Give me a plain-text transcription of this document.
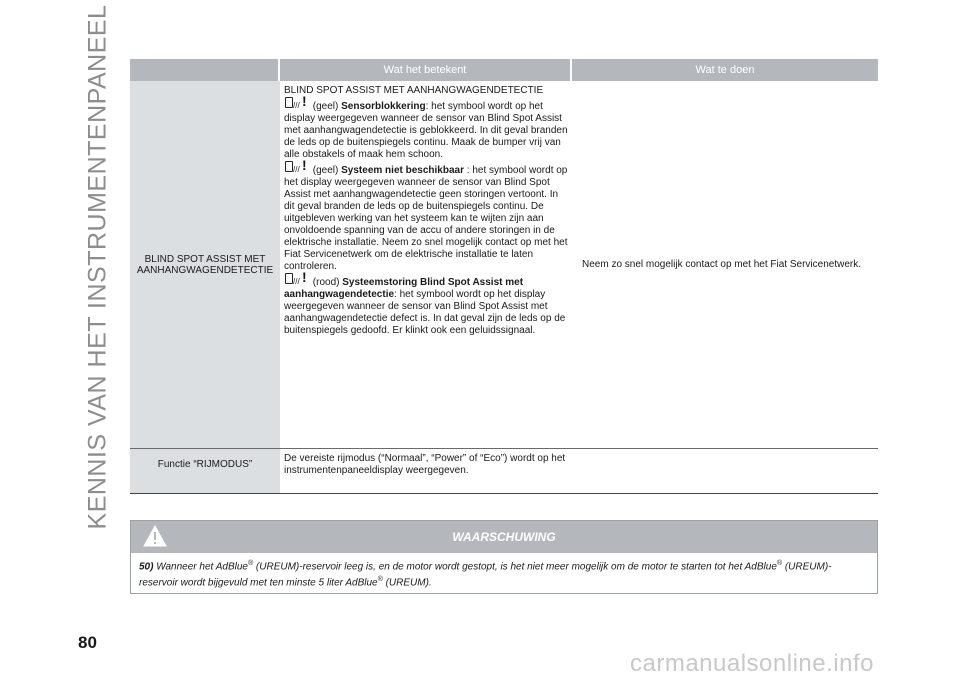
KENNIS VAN HET INSTRUMENTENPANEEL	Wat het betekent	Wat te doen
BLIND SPOT ASSIST MET AANHANGWAGENDETECTIE
BLIND SPOT ASSIST MET AANHANGWAGENDETECTIE
/// ! (geel) Sensorblokkering: het symbool wordt op het display weergegeven wanneer de sensor van Blind Spot Assist met aanhangwagendetectie is geblokkeerd. In dit geval branden de leds op de buitenspiegels continu. Maak de bumper vrij van alle obstakels of maak hem schoon.
/// ! (geel) Systeem niet beschikbaar : het symbool wordt op het display weergegeven wanneer de sensor van Blind Spot Assist met aanhangwagendetectie geen storingen vertoont. In dit geval branden de leds op de buitenspiegels continu. De uitgebleven werking van het systeem kan te wijten zijn aan onvoldoende spanning van de accu of andere storingen in de elektrische installatie. Neem zo snel mogelijk contact op met het Fiat Servicenetwerk om de elektrische installatie te laten controleren.
/// ! (rood) Systeemstoring Blind Spot Assist met aanhangwagendetectie: het symbool wordt op het display weergegeven wanneer de sensor van Blind Spot Assist met aanhangwagendetectie defect is. In dat geval zijn de leds op de buitenspiegels gedoofd. Er klinkt ook een geluidssignaal.
Neem zo snel mogelijk contact op met het Fiat Servicenetwerk.
Functie “RIJMODUS”
De vereiste rijmodus (“Normaal”, “Power” of “Eco”) wordt op het instrumentenpaneeldisplay weergegeven.
WAARSCHUWING
50) Wanneer het AdBlue® (UREUM)-reservoir leeg is, en de motor wordt gestopt, is het niet meer mogelijk om de motor te starten tot het AdBlue® (UREUM)-reservoir wordt bijgevuld met ten minste 5 liter AdBlue® (UREUM).
80
carmanualsonline.info
